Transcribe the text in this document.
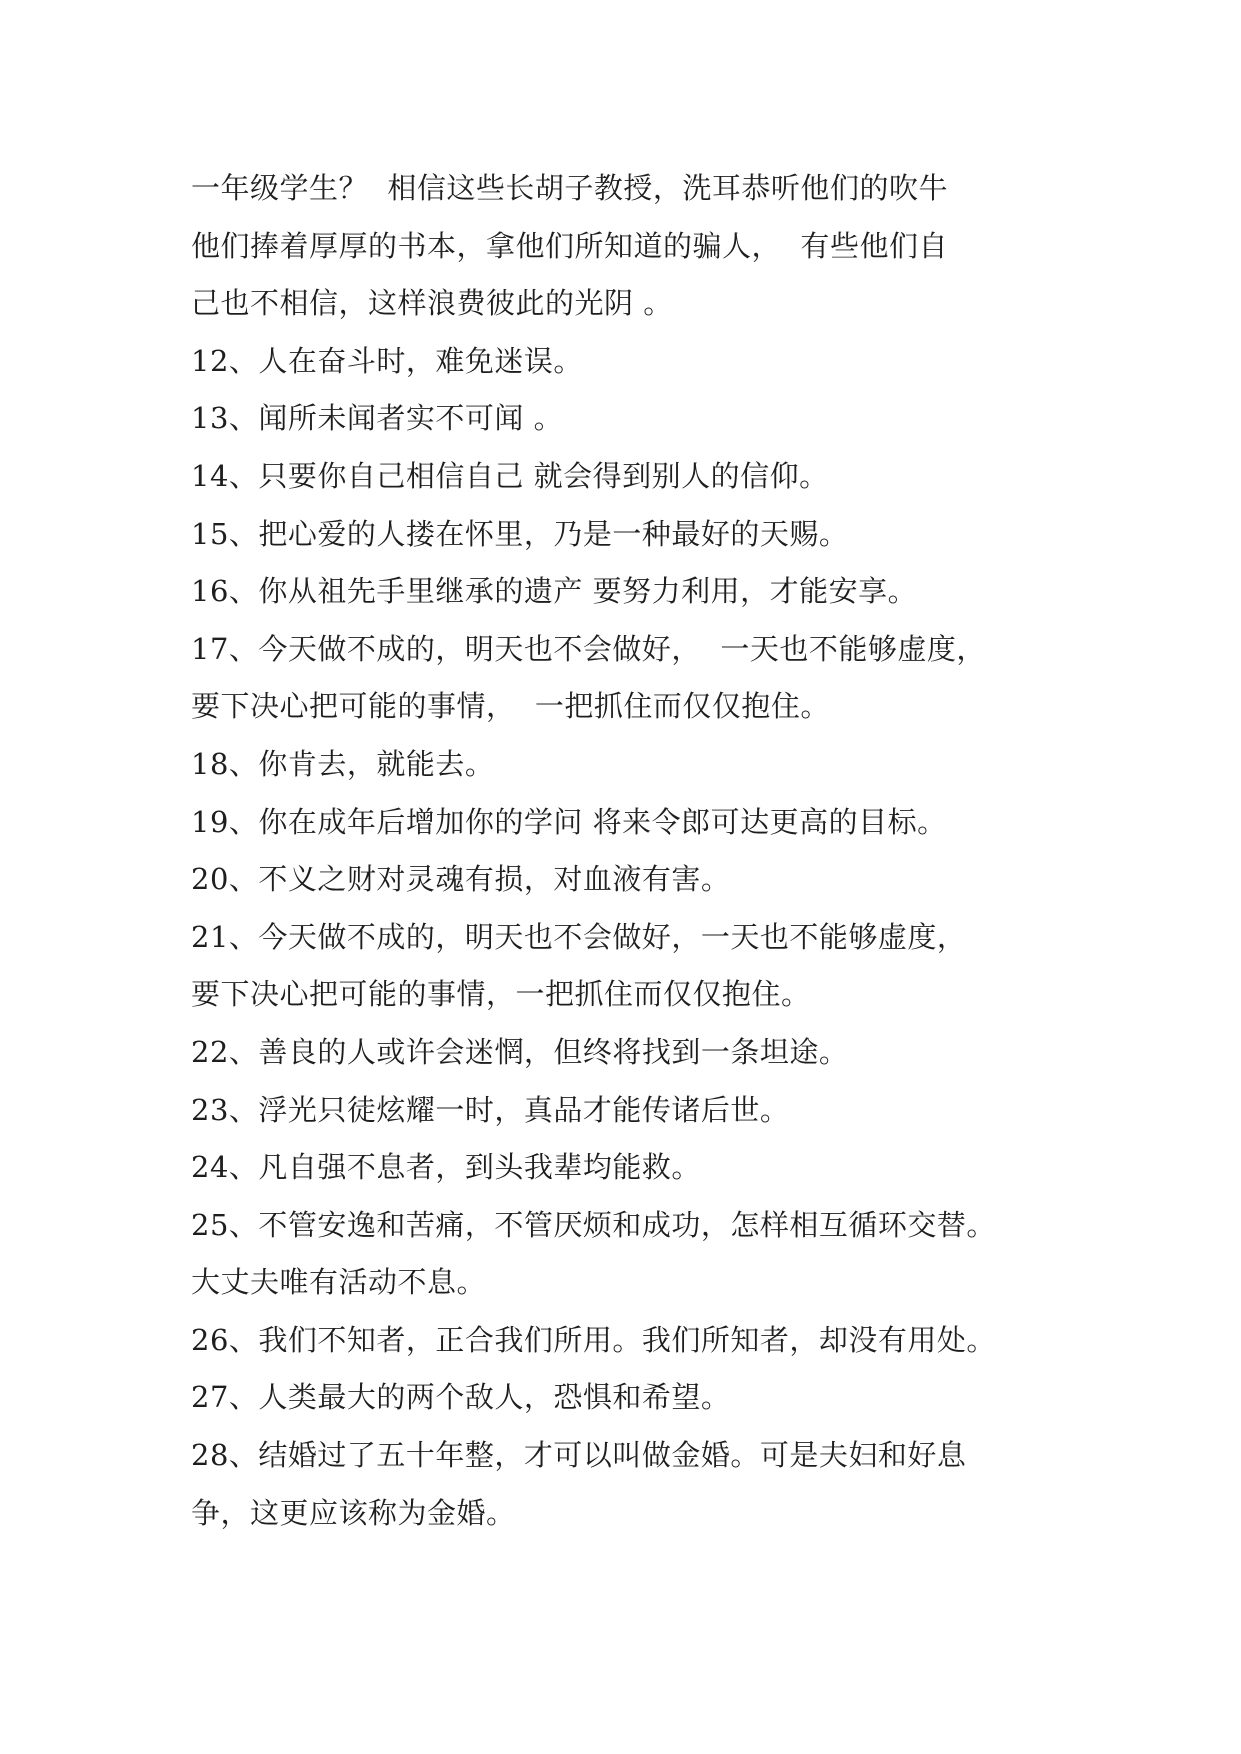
一年级学生？  相信这些长胡子教授，洗耳恭听他们的吹牛
他们捧着厚厚的书本，拿他们所知道的骗人，  有些他们自
己也不相信，这样浪费彼此的光阴 。
12、人在奋斗时，难免迷误。
13、闻所未闻者实不可闻 。
14、只要你自己相信自己 就会得到别人的信仰。
15、把心爱的人搂在怀里，乃是一种最好的天赐。
16、你从祖先手里继承的遗产 要努力利用，才能安享。
17、今天做不成的，明天也不会做好，  一天也不能够虚度，
要下决心把可能的事情，  一把抓住而仅仅抱住。
18、你肯去，就能去。
19、你在成年后增加你的学问 将来令郎可达更高的目标。
20、不义之财对灵魂有损，对血液有害。
21、今天做不成的，明天也不会做好，一天也不能够虚度，
要下决心把可能的事情，一把抓住而仅仅抱住。
22、善良的人或许会迷惘，但终将找到一条坦途。
23、浮光只徒炫耀一时，真品才能传诸后世。
24、凡自强不息者，到头我辈均能救。
25、不管安逸和苦痛，不管厌烦和成功，怎样相互循环交替。
大丈夫唯有活动不息。
26、我们不知者，正合我们所用。我们所知者，却没有用处。
27、人类最大的两个敌人，恐惧和希望。
28、结婚过了五十年整，才可以叫做金婚。可是夫妇和好息
争，这更应该称为金婚。
